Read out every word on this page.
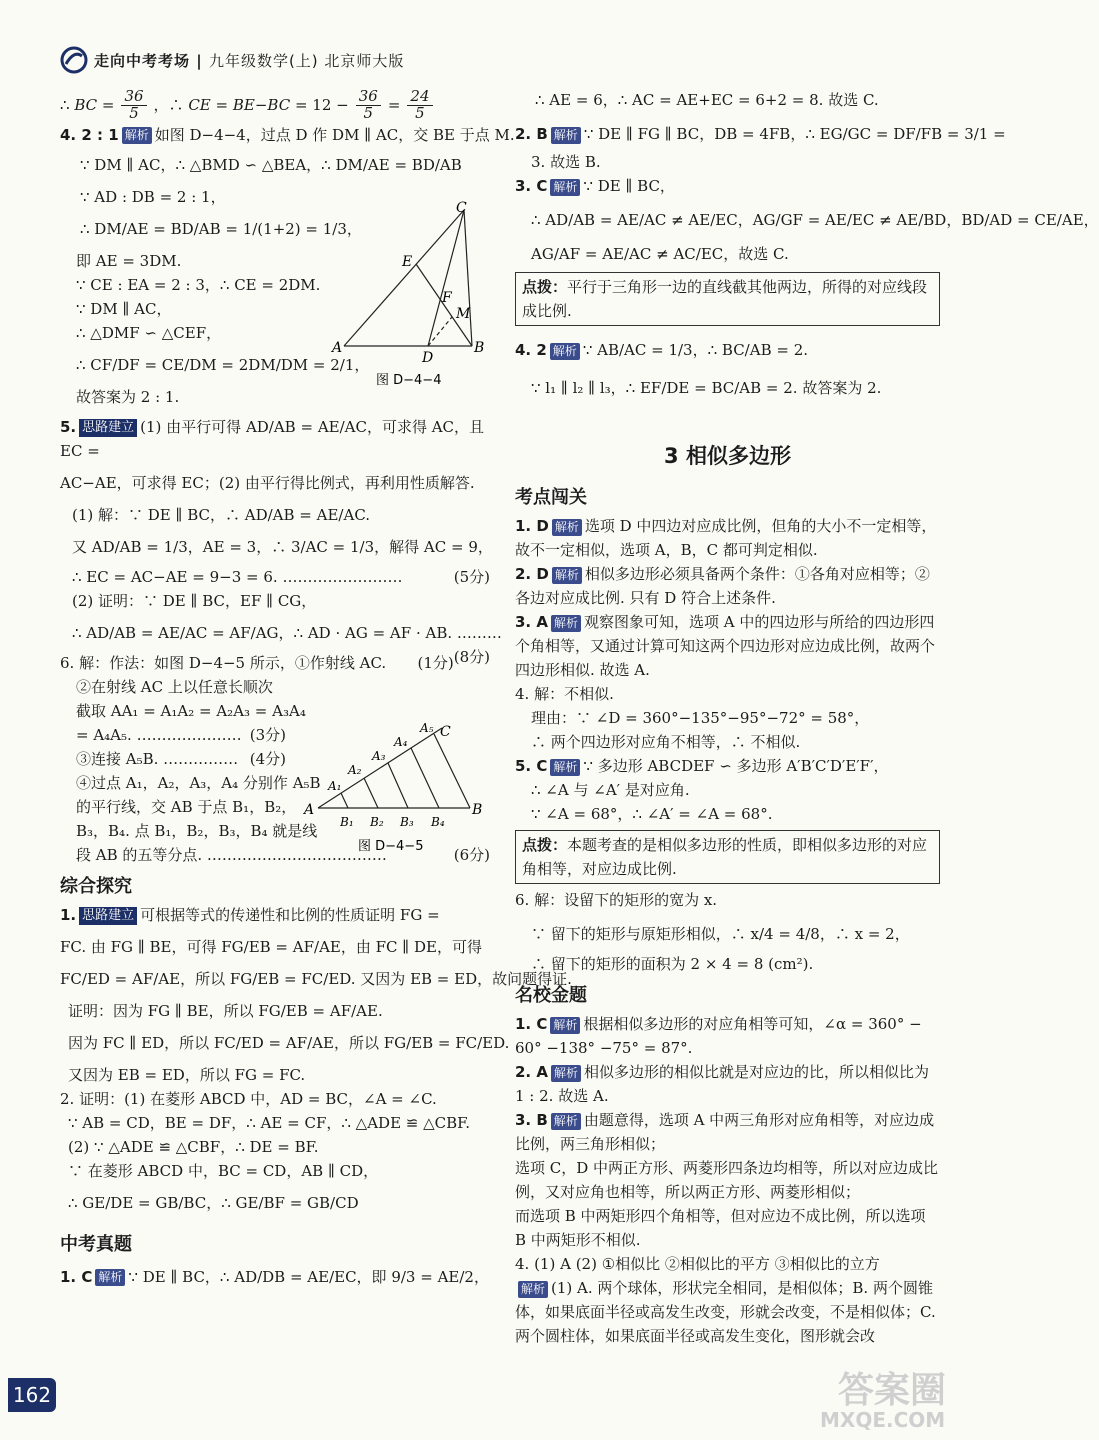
走向中考考场 | 九年级数学(上) 北京师大版
∴ BC = $\frac{36}{5}$ ，∴ CE = $BE-BC = 12 - \frac{36}{5} = \frac{24}{5}$
4. 2 : 1 解析 如图 D−4−4，过点 D 作 DM ∥ AC，交 BE 于点 M.
∵ DM ∥ AC，∴ △BMD ∽ △BEA，∴ DM/AE = BD/AB
∵ AD : DB = 2 : 1，
∴ DM/AE = BD/AB = 1/(1+2) = 1/3，
即 AE = 3DM.
∵ CE : EA = 2 : 3，∴ CE = 2DM.
∵ DM ∥ AC，
∴ △DMF ∽ △CEF，
∴ CF/DF = CE/DM = 2DM/DM = 2/1，
故答案为 2 : 1.
5. 思路建立 (1) 由平行可得 AD/AB = AE/AC，可求得 AC，且 EC =
AC−AE，可求得 EC；(2) 由平行得比例式，再利用性质解答.
(1) 解：∵ DE ∥ BC，∴ AD/AB = AE/AC.
又 AD/AB = 1/3，AE = 3，∴ 3/AC = 1/3，解得 AC = 9，
∴ EC = AC−AE = 9−3 = 6. ……………………	(5分)
(2) 证明：∵ DE ∥ BC，EF ∥ CG，
∴ AD/AB = AE/AC = AF/AG，∴ AD · AG = AF · AB. ………
(8分)
6. 解：作法：如图 D−4−5 所示，①作射线 AC. (1分)
②在射线 AC 上以任意长顺次
截取 AA₁ = A₁A₂ = A₂A₃ = A₃A₄
= A₄A₅. ………………… (3分)
③连接 A₅B. …………… (4分)
④过点 A₁，A₂，A₃，A₄ 分别作 A₅B
的平行线，交 AB 于点 B₁，B₂，
B₃，B₄. 点 B₁，B₂，B₃，B₄ 就是线
段 AB 的五等分点. ………………………………	(6分)
综合探究
1. 思路建立 可根据等式的传递性和比例的性质证明 FG =
FC. 由 FG ∥ BE，可得 FG/EB = AF/AE，由 FC ∥ DE，可得
FC/ED = AF/AE，所以 FG/EB = FC/ED. 又因为 EB = ED，故问题得证.
证明：因为 FG ∥ BE，所以 FG/EB = AF/AE.
因为 FC ∥ ED，所以 FC/ED = AF/AE，所以 FG/EB = FC/ED.
又因为 EB = ED，所以 FG = FC.
2. 证明：(1) 在菱形 ABCD 中，AD = BC，∠A = ∠C.
∵ AB = CD，BE = DF，∴ AE = CF，∴ △ADE ≌ △CBF.
(2) ∵ △ADE ≌ △CBF，∴ DE = BF.
∵ 在菱形 ABCD 中，BC = CD，AB ∥ CD，
∴ GE/DE = GB/BC，∴ GE/BF = GB/CD
中考真题
1. C 解析 ∵ DE ∥ BC，∴ AD/DB = AE/EC，即 9/3 = AE/2，
C
E
F
M
A
D
B
图 D−4−4
A	B
C
A₁
A₂
A₃
A₄
A₅
B₁ B₂ B₃ B₄
图 D−4−5
∴ AE = 6，∴ AC = AE+EC = 6+2 = 8. 故选 C.
2. B 解析 ∵ DE ∥ FG ∥ BC，DB = 4FB，∴ EG/GC = DF/FB = 3/1 =
3. 故选 B.
3. C 解析 ∵ DE ∥ BC，
∴ AD/AB = AE/AC ≠ AE/EC，AG/GF = AE/EC ≠ AE/BD，BD/AD = CE/AE，
AG/AF = AE/AC ≠ AC/EC，故选 C.
点拨：平行于三角形一边的直线截其他两边，所得的对应线段成比例.
4. 2 解析 ∵ AB/AC = 1/3，∴ BC/AB = 2.
∵ l₁ ∥ l₂ ∥ l₃，∴ EF/DE = BC/AB = 2. 故答案为 2.
3 相似多边形
考点闯关
1. D 解析 选项 D 中四边对应成比例，但角的大小不一定相等，故不一定相似，选项 A，B，C 都可判定相似.
2. D 解析 相似多边形必须具备两个条件：①各角对应相等；②各边对应成比例. 只有 D 符合上述条件.
3. A 解析 观察图象可知，选项 A 中的四边形与所给的四边形四个角相等，又通过计算可知这两个四边形对应边成比例，故两个四边形相似. 故选 A.
4. 解：不相似.
理由：∵ ∠D = 360°−135°−95°−72° = 58°，
∴ 两个四边形对应角不相等，∴ 不相似.
5. C 解析 ∵ 多边形 ABCDEF ∽ 多边形 A′B′C′D′E′F′，
∴ ∠A 与 ∠A′ 是对应角.
∵ ∠A = 68°，∴ ∠A′ = ∠A = 68°.
点拨：本题考查的是相似多边形的性质，即相似多边形的对应角相等，对应边成比例.
6. 解：设留下的矩形的宽为 x.
∵ 留下的矩形与原矩形相似，∴ x/4 = 4/8，∴ x = 2，
∴ 留下的矩形的面积为 2 × 4 = 8 (cm²).
名校金题
1. C 解析 根据相似多边形的对应角相等可知，∠α = 360° − 60° −138° −75° = 87°.
2. A 解析 相似多边形的相似比就是对应边的比，所以相似比为 1 : 2. 故选 A.
3. B 解析 由题意得，选项 A 中两三角形对应角相等，对应边成比例，两三角形相似；
选项 C，D 中两正方形、两菱形四条边均相等，所以对应边成比例，又对应角也相等，所以两正方形、两菱形相似；
而选项 B 中两矩形四个角相等，但对应边不成比例，所以选项 B 中两矩形不相似.
4. (1) A (2) ①相似比 ②相似比的平方 ③相似比的立方
解析 (1) A. 两个球体，形状完全相同，是相似体；B. 两个圆锥体，如果底面半径或高发生改变，形就会改变，不是相似体；C. 两个圆柱体，如果底面半径或高发生变化，图形就会改
162	答案圈
MXQE.COM
